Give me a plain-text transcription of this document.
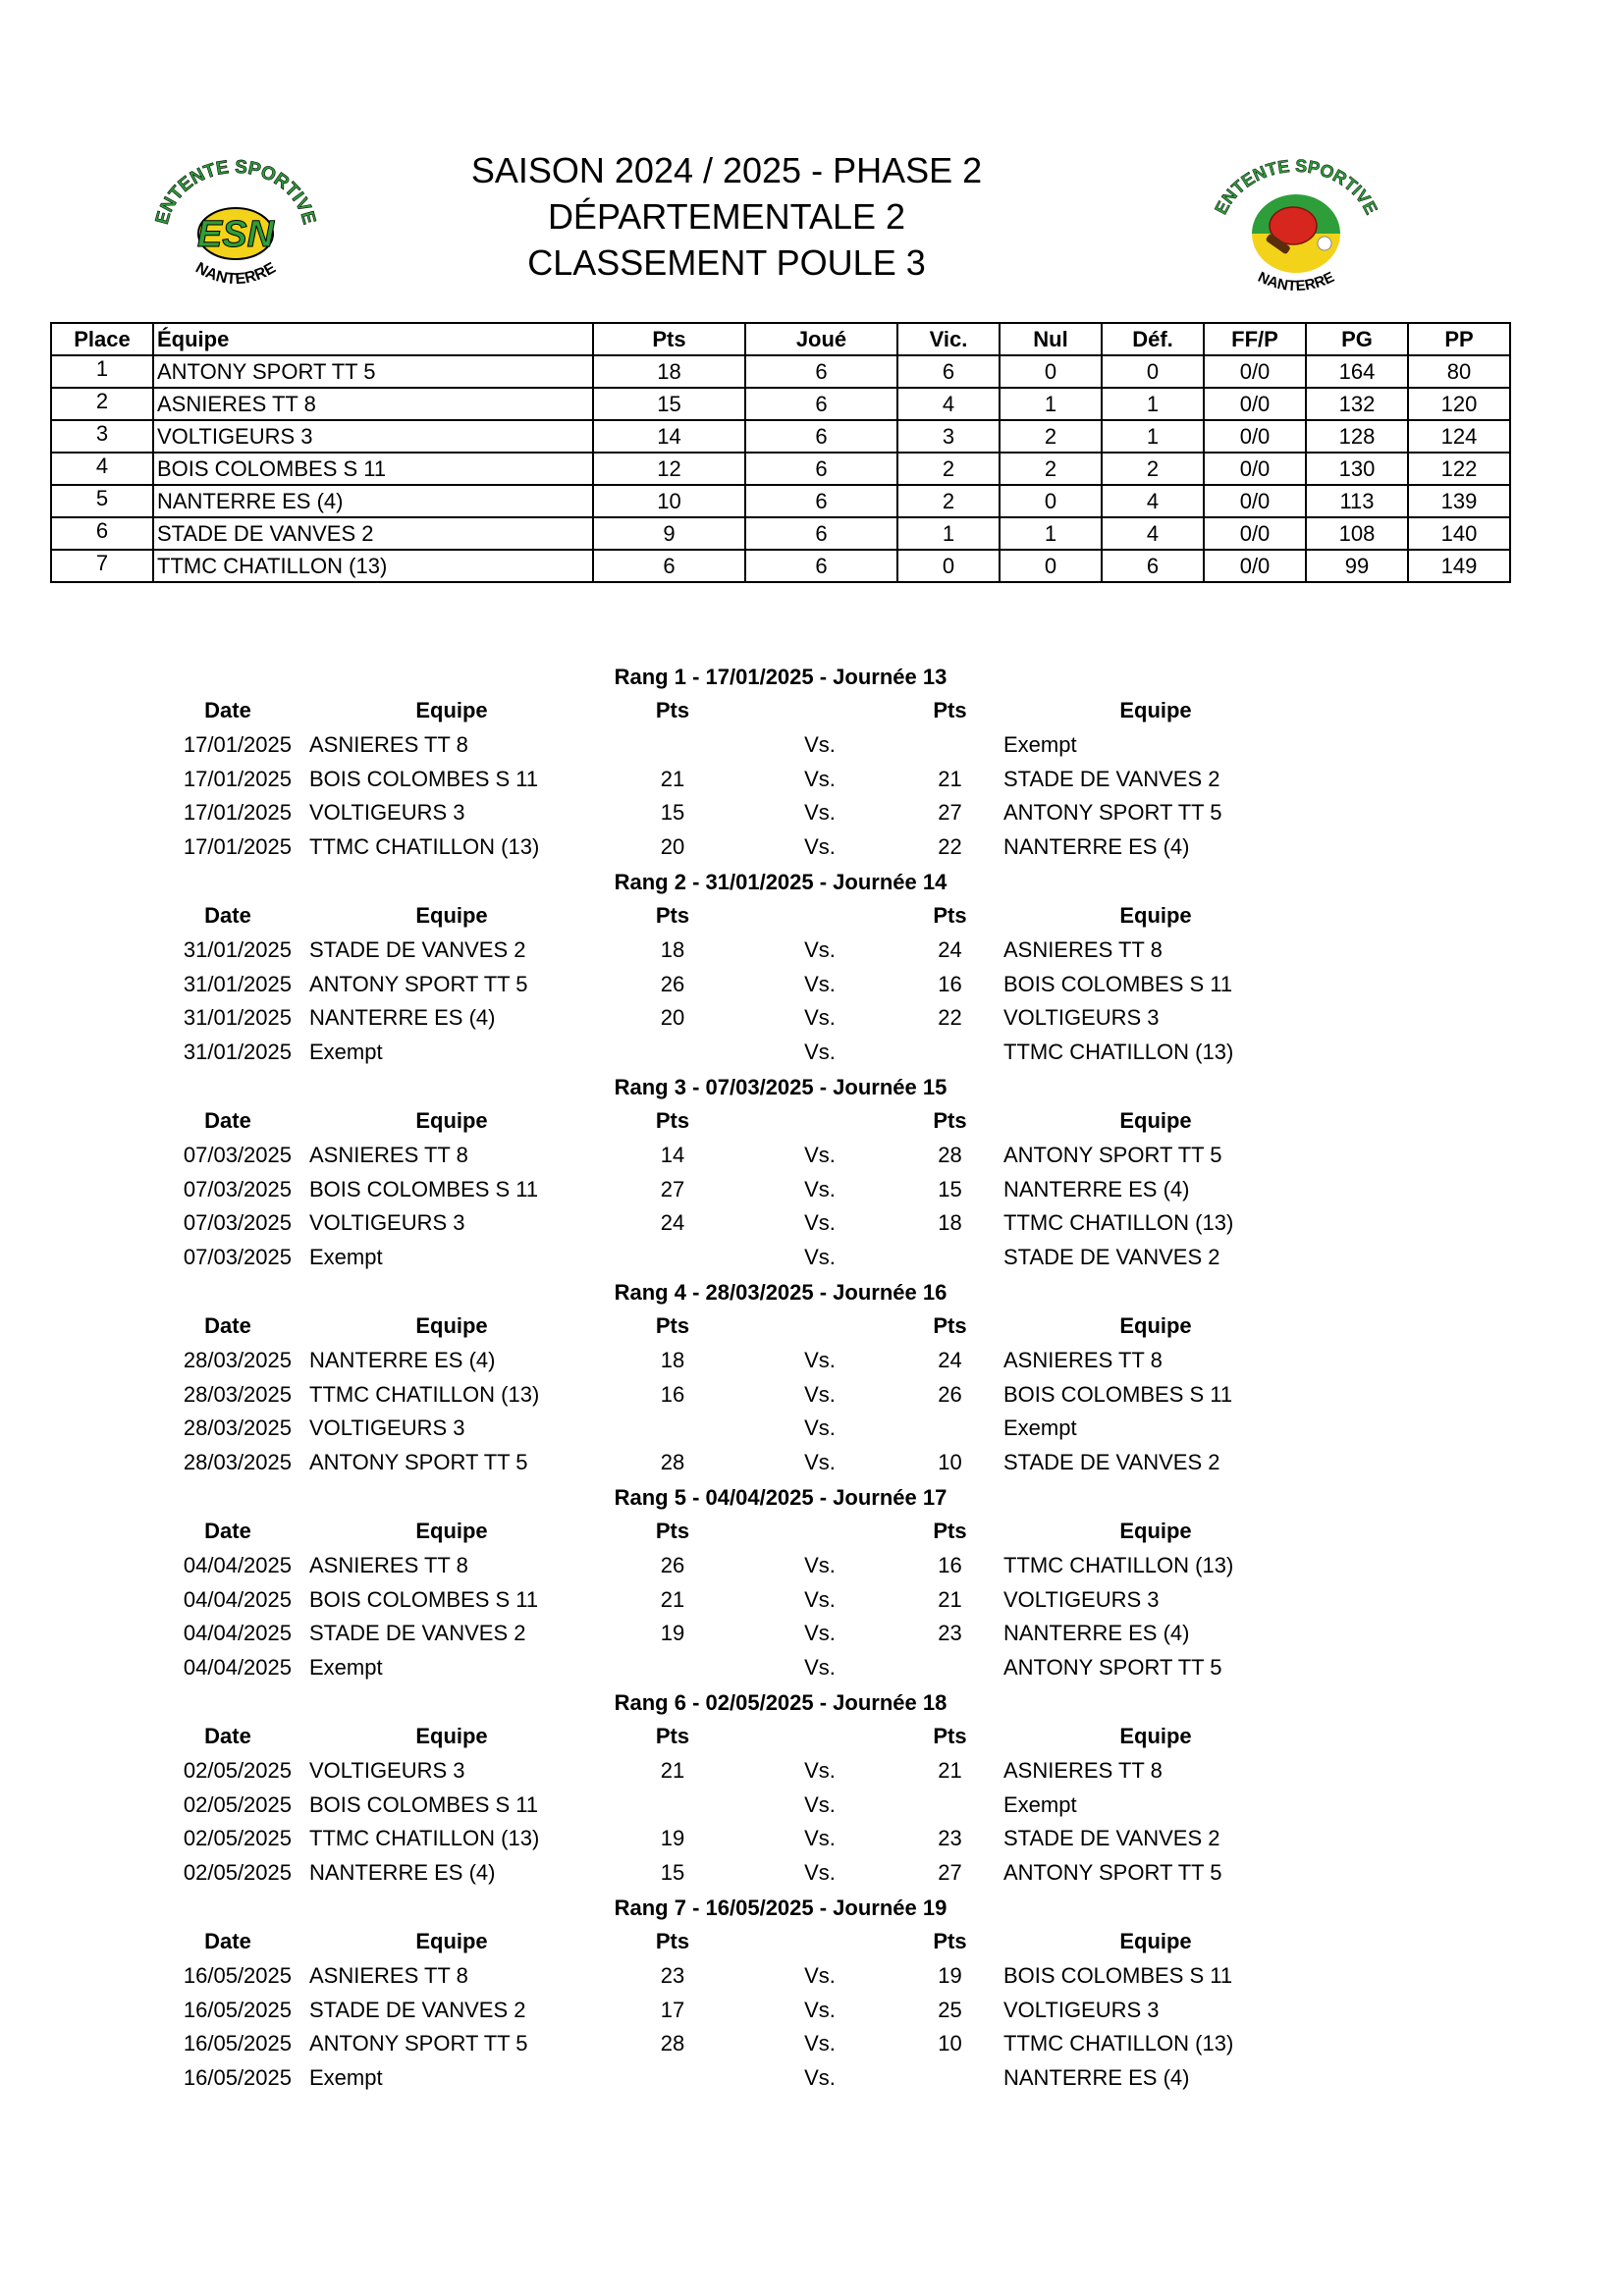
ENTENTE SPORTIVE
ESN
NANTERRE
ENTENTE SPORTIVE
NANTERRE
SAISON 2024 / 2025 - PHASE 2
DÉPARTEMENTALE 2
CLASSEMENT POULE 3
Place	Équipe	Pts	Joué	Vic.	Nul	Déf.	FF/P	PG	PP
1	ANTONY SPORT TT 5	18	6	6	0	0	0/0	164	80
2	ASNIERES TT 8	15	6	4	1	1	0/0	132	120
3	VOLTIGEURS 3	14	6	3	2	1	0/0	128	124
4	BOIS COLOMBES S 11	12	6	2	2	2	0/0	130	122
5	NANTERRE ES (4)	10	6	2	0	4	0/0	113	139
6	STADE DE VANVES 2	9	6	1	1	4	0/0	108	140
7	TTMC CHATILLON (13)	6	6	0	0	6	0/0	99	149
Rang 1 - 17/01/2025 - Journée 13
Date	Equipe	Pts	Pts	Equipe
17/01/2025 ASNIERES TT 8	Vs.	Exempt
17/01/2025 BOIS COLOMBES S 11	21	Vs.	21	STADE DE VANVES 2
17/01/2025 VOLTIGEURS 3	15	Vs.	27	ANTONY SPORT TT 5
17/01/2025 TTMC CHATILLON (13)	20	Vs.	22	NANTERRE ES (4)
Rang 2 - 31/01/2025 - Journée 14
Date	Equipe	Pts	Pts	Equipe
31/01/2025 STADE DE VANVES 2	18	Vs.	24	ASNIERES TT 8
31/01/2025 ANTONY SPORT TT 5	26	Vs.	16	BOIS COLOMBES S 11
31/01/2025 NANTERRE ES (4)	20	Vs.	22	VOLTIGEURS 3
31/01/2025 Exempt	Vs.	TTMC CHATILLON (13)
Rang 3 - 07/03/2025 - Journée 15
Date	Equipe	Pts	Pts	Equipe
07/03/2025 ASNIERES TT 8	14	Vs.	28	ANTONY SPORT TT 5
07/03/2025 BOIS COLOMBES S 11	27	Vs.	15	NANTERRE ES (4)
07/03/2025 VOLTIGEURS 3	24	Vs.	18	TTMC CHATILLON (13)
07/03/2025 Exempt	Vs.	STADE DE VANVES 2
Rang 4 - 28/03/2025 - Journée 16
Date	Equipe	Pts	Pts	Equipe
28/03/2025 NANTERRE ES (4)	18	Vs.	24	ASNIERES TT 8
28/03/2025 TTMC CHATILLON (13)	16	Vs.	26	BOIS COLOMBES S 11
28/03/2025 VOLTIGEURS 3	Vs.	Exempt
28/03/2025 ANTONY SPORT TT 5	28	Vs.	10	STADE DE VANVES 2
Rang 5 - 04/04/2025 - Journée 17
Date	Equipe	Pts	Pts	Equipe
04/04/2025 ASNIERES TT 8	26	Vs.	16	TTMC CHATILLON (13)
04/04/2025 BOIS COLOMBES S 11	21	Vs.	21	VOLTIGEURS 3
04/04/2025 STADE DE VANVES 2	19	Vs.	23	NANTERRE ES (4)
04/04/2025 Exempt	Vs.	ANTONY SPORT TT 5
Rang 6 - 02/05/2025 - Journée 18
Date	Equipe	Pts	Pts	Equipe
02/05/2025 VOLTIGEURS 3	21	Vs.	21	ASNIERES TT 8
02/05/2025 BOIS COLOMBES S 11	Vs.	Exempt
02/05/2025 TTMC CHATILLON (13)	19	Vs.	23	STADE DE VANVES 2
02/05/2025 NANTERRE ES (4)	15	Vs.	27	ANTONY SPORT TT 5
Rang 7 - 16/05/2025 - Journée 19
Date	Equipe	Pts	Pts	Equipe
16/05/2025 ASNIERES TT 8	23	Vs.	19	BOIS COLOMBES S 11
16/05/2025 STADE DE VANVES 2	17	Vs.	25	VOLTIGEURS 3
16/05/2025 ANTONY SPORT TT 5	28	Vs.	10	TTMC CHATILLON (13)
16/05/2025 Exempt	Vs.	NANTERRE ES (4)
